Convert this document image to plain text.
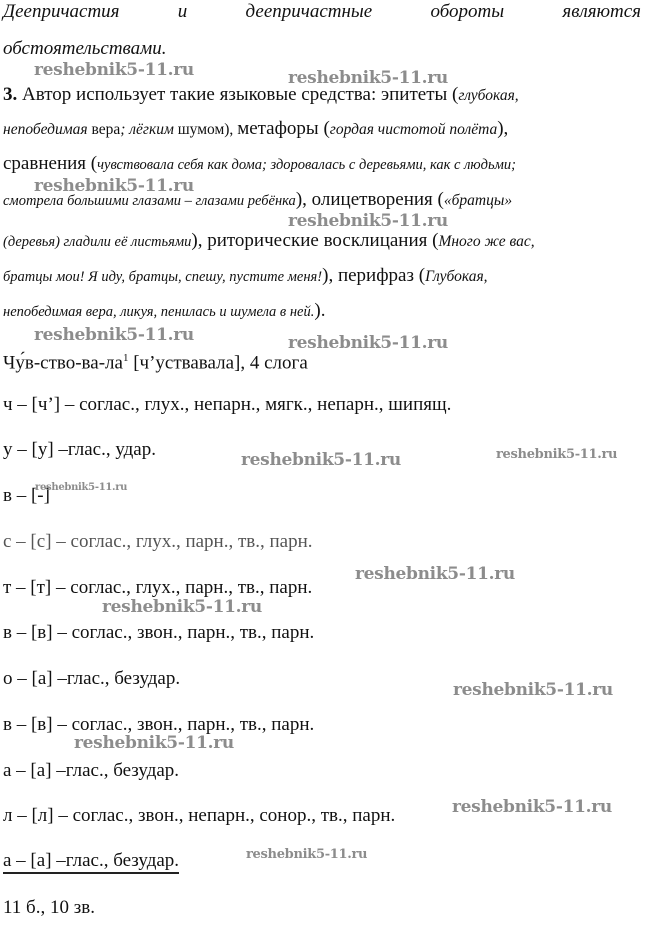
Деепричастия	и	деепричастные	обороты	являются
обстоятельствами.
3. Автор использует такие языковые средства: эпитеты (глубокая,
непобедимая вера; лёгким шумом), метафоры (гордая чистотой полёта),
сравнения (чувствовала себя как дома; здоровалась с деревьями, как с людьми;
смотрела большими глазами – глазами ребёнка), олицетворения («братцы»
(деревья) гладили её листьями), риторические восклицания (Много же вас,
братцы мои! Я иду, братцы, спешу, пустите меня!), перифраз (Глубокая,
непобедимая вера, ликуя, пенилась и шумела в ней.).
$Чу́в-ство-ва-ла^1$ [ч’уствавала], 4 слога
ч – [ч’] – соглас., глух., непарн., мягк., непарн., шипящ.
у – [у] –глас., удар.
в – [-]
с – [с] – соглас., глух., парн., тв., парн.
т – [т] – соглас., глух., парн., тв., парн.
в – [в] – соглас., звон., парн., тв., парн.
о – [а] –глас., безудар.
в – [в] – соглас., звон., парн., тв., парн.
а – [а] –глас., безудар.
л – [л] – соглас., звон., непарн., сонор., тв., парн.
а – [а] –глас., безудар.
11 б., 10 зв.
reshebnik5-11.ru	reshebnik5-11.ru
reshebnik5-11.ru
reshebnik5-11.ru
reshebnik5-11.ru	reshebnik5-11.ru
reshebnik5-11.ru	reshebnik5-11.ru
reshebnik5-11.ru
reshebnik5-11.ru
reshebnik5-11.ru
reshebnik5-11.ru
reshebnik5-11.ru
reshebnik5-11.ru
reshebnik5-11.ru
